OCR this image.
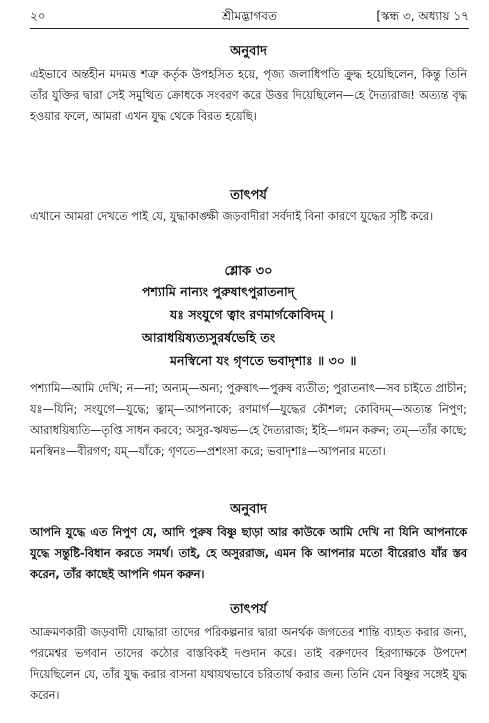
২০	শ্রীমদ্ভাগবত	[স্কন্ধ ৩, অধ্যায় ১৭
অনুবাদ

এইভাবে অন্তহীন মদমত্ত শত্রু কর্তৃক উপহসিত হয়ে, পৃজ্য জলাধিপতি ক্রুদ্ধ হয়েছিলেন, কিন্তু তিনি তাঁর যুক্তির দ্বারা সেই সমুত্থিত ক্রোধকে সংবরণ করে উত্তর দিয়েছিলেন—হে দৈত্যরাজ! অত্যন্ত বৃদ্ধ হওয়ার ফলে, আমরা এখন যুদ্ধ থেকে বিরত হয়েছি।

তাৎপর্য

এখানে আমরা দেখতে পাই যে, যুদ্ধাকাঙ্ক্ষী জড়বাদীরা সর্বদাই বিনা কারণে যুদ্ধের সৃষ্টি করে।

শ্লোক ৩০
পশ্যামি নান্যং পুরুষাৎপুরাতনাদ্
যঃ সংযুগে ত্বাং রণমার্গকোবিদম্ ।
আরাধয়িষ্যত্যসুরর্ষভেহি তং
মনস্বিনো যং গৃণতে ভবাদৃশাঃ ॥ ৩০ ॥

পশ্যামি—আমি দেখি; ন—না; অন্যম্—অন্য; পুরুষাৎ—পুরুষ ব্যতীত; পুরাতনাৎ—সব চাইতে প্রাচীন; যঃ—যিনি; সংযুগে—যুদ্ধে; ত্বাম্—আপনাকে; রণমার্গ—যুদ্ধের কৌশল; কোবিদম্—অত্যন্ত নিপুণ; আরাধয়িষ্যতি—তৃপ্তি সাধন করবে; অসুর-ঋষভ—হে দৈত্যরাজ; ইহি—গমন করুন; তম্—তাঁর কাছে; মনস্বিনঃ—বীরগণ; যম্—যাঁকে; গৃণতে—প্রশংসা করে; ভবাদৃশাঃ—আপনার মতো।

অনুবাদ

আপনি যুদ্ধে এত নিপুণ যে, আদি পুরুষ বিষ্ণু ছাড়া আর কাউকে আমি দেখি না যিনি আপনাকে যুদ্ধে সন্তুষ্টি-বিধান করতে সমর্থ। তাই, হে অসুররাজ, এমন কি আপনার মতো বীরেরাও যাঁর স্তব করেন, তাঁর কাছেই আপনি গমন করুন।

তাৎপর্য

আক্রমণকারী জড়বাদী যোদ্ধারা তাদের পরিকল্পনার দ্বারা অনর্থক জগতের শান্তি ব্যাহত করার জন্য, পরমেশ্বর ভগবান তাদের কঠোর বাস্তবিকই দণ্ডদান করে। তাই বরুণদেব হিরণ্যাক্ষকে উপদেশ দিয়েছিলেন যে, তাঁর যুদ্ধ করার বাসনা যথাযথভাবে চরিতার্থ করার জন্য তিনি যেন বিষ্ণুর সঙ্গেই যুদ্ধ করেন।
